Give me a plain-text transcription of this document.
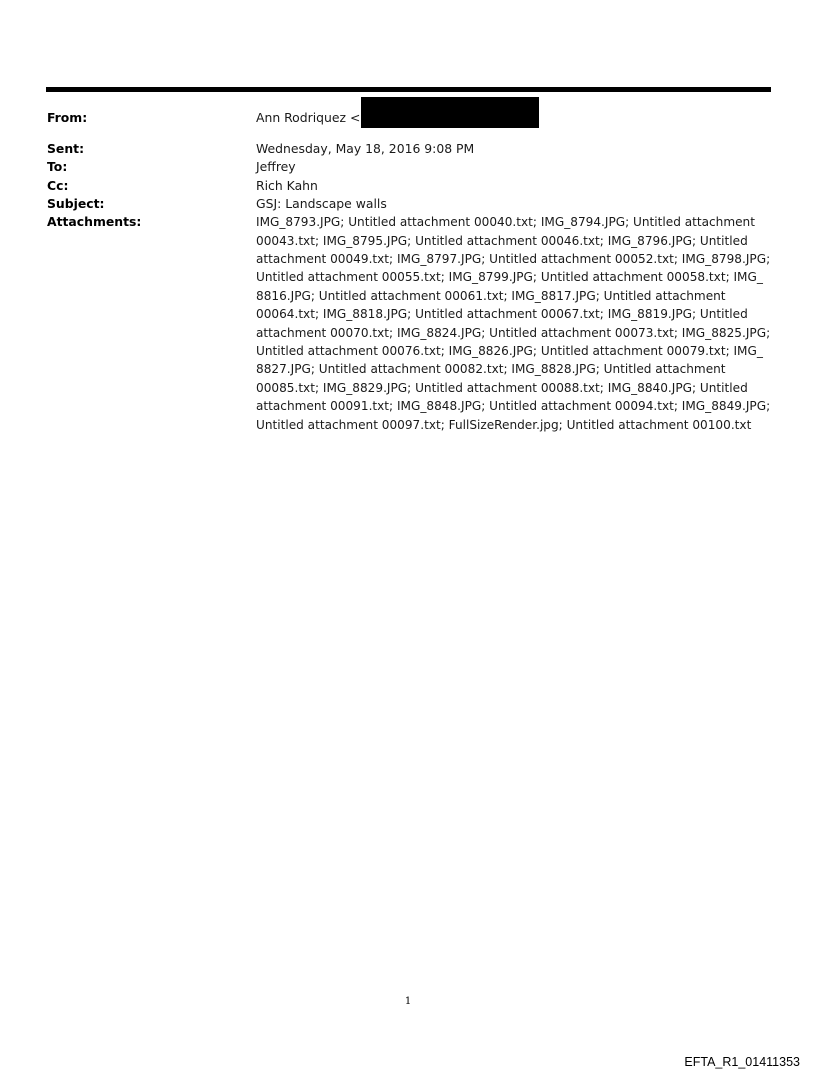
From:	Ann Rodriquez <
Sent:	Wednesday, May 18, 2016 9:08 PM
To:	Jeffrey
Cc:	Rich Kahn
Subject:	GSJ: Landscape walls
Attachments:	IMG_8793.JPG; Untitled attachment 00040.txt; IMG_8794.JPG; Untitled attachment 00043.txt; IMG_8795.JPG; Untitled attachment 00046.txt; IMG_8796.JPG; Untitled attachment 00049.txt; IMG_8797.JPG; Untitled attachment 00052.txt; IMG_8798.JPG; Untitled attachment 00055.txt; IMG_8799.JPG; Untitled attachment 00058.txt; IMG_ 8816.JPG; Untitled attachment 00061.txt; IMG_8817.JPG; Untitled attachment 00064.txt; IMG_8818.JPG; Untitled attachment 00067.txt; IMG_8819.JPG; Untitled attachment 00070.txt; IMG_8824.JPG; Untitled attachment 00073.txt; IMG_8825.JPG; Untitled attachment 00076.txt; IMG_8826.JPG; Untitled attachment 00079.txt; IMG_ 8827.JPG; Untitled attachment 00082.txt; IMG_8828.JPG; Untitled attachment 00085.txt; IMG_8829.JPG; Untitled attachment 00088.txt; IMG_8840.JPG; Untitled attachment 00091.txt; IMG_8848.JPG; Untitled attachment 00094.txt; IMG_8849.JPG; Untitled attachment 00097.txt; FullSizeRender.jpg; Untitled attachment 00100.txt
1
EFTA_R1_01411353
